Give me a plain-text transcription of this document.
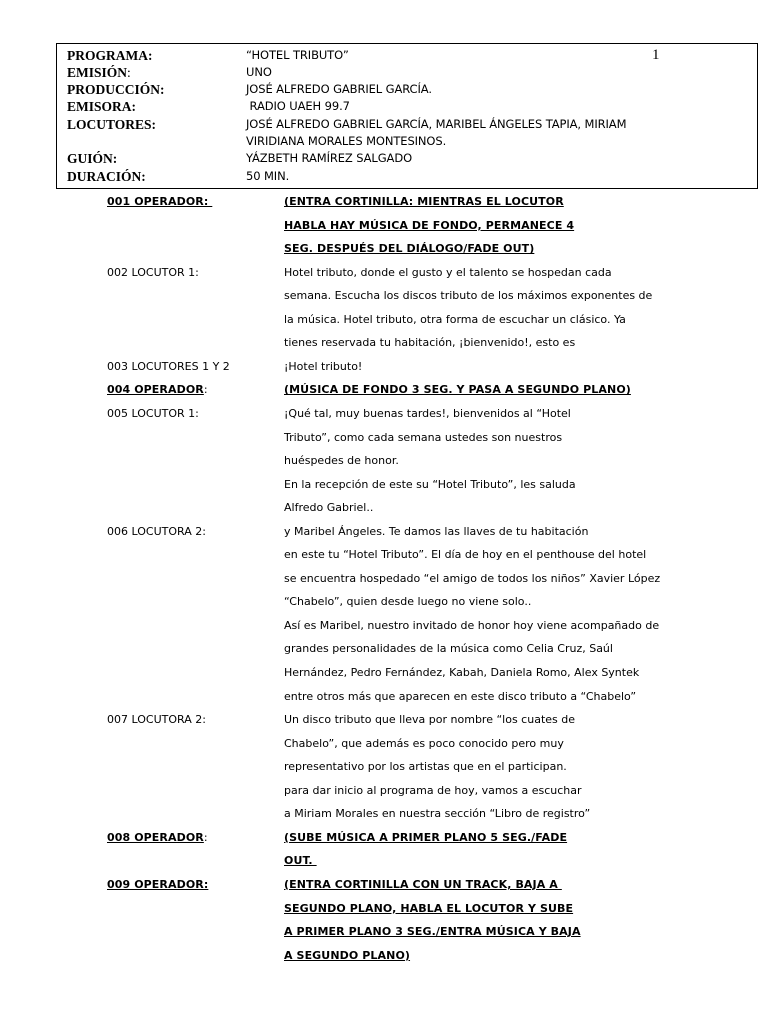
1
PROGRAMA:	“HOTEL TRIBUTO”
EMISIÓN:	UNO
PRODUCCIÓN:	JOSÉ ALFREDO GABRIEL GARCÍA.
EMISORA:	RADIO UAEH 99.7
LOCUTORES:	JOSÉ ALFREDO GABRIEL GARCÍA, MARIBEL ÁNGELES TAPIA, MIRIAM
VIRIDIANA MORALES MONTESINOS.
GUIÓN:	YÁZBETH RAMÍREZ SALGADO
DURACIÓN:	50 MIN.
001 OPERADOR:	(ENTRA CORTINILLA: MIENTRAS EL LOCUTOR
HABLA HAY MÚSICA DE FONDO, PERMANECE 4
SEG. DESPUÉS DEL DIÁLOGO/FADE OUT)
002 LOCUTOR 1:	Hotel tributo, donde el gusto y el talento se hospedan cada
semana. Escucha los discos tributo de los máximos exponentes de
la música. Hotel tributo, otra forma de escuchar un clásico. Ya
tienes reservada tu habitación, ¡bienvenido!, esto es
003 LOCUTORES 1 Y 2	¡Hotel tributo!
004 OPERADOR:	(MÚSICA DE FONDO 3 SEG. Y PASA A SEGUNDO PLANO)
005 LOCUTOR 1:	¡Qué tal, muy buenas tardes!, bienvenidos al “Hotel
Tributo”, como cada semana ustedes son nuestros
huéspedes de honor.
En la recepción de este su “Hotel Tributo”, les saluda
Alfredo Gabriel..
006 LOCUTORA 2:	y Maribel Ángeles. Te damos las llaves de tu habitación
en este tu “Hotel Tributo”. El día de hoy en el penthouse del hotel
se encuentra hospedado “el amigo de todos los niños” Xavier López
“Chabelo”, quien desde luego no viene solo..
Así es Maribel, nuestro invitado de honor hoy viene acompañado de
grandes personalidades de la música como Celia Cruz, Saúl
Hernández, Pedro Fernández, Kabah, Daniela Romo, Alex Syntek
entre otros más que aparecen en este disco tributo a “Chabelo”
007 LOCUTORA 2:	Un disco tributo que lleva por nombre “los cuates de
Chabelo”, que además es poco conocido pero muy
representativo por los artistas que en el participan.
para dar inicio al programa de hoy, vamos a escuchar
a Miriam Morales en nuestra sección “Libro de registro”
008 OPERADOR:	(SUBE MÚSICA A PRIMER PLANO 5 SEG./FADE
OUT.
009 OPERADOR:	(ENTRA CORTINILLA CON UN TRACK, BAJA A
SEGUNDO PLANO, HABLA EL LOCUTOR Y SUBE
A PRIMER PLANO 3 SEG./ENTRA MÚSICA Y BAJA
A SEGUNDO PLANO)
